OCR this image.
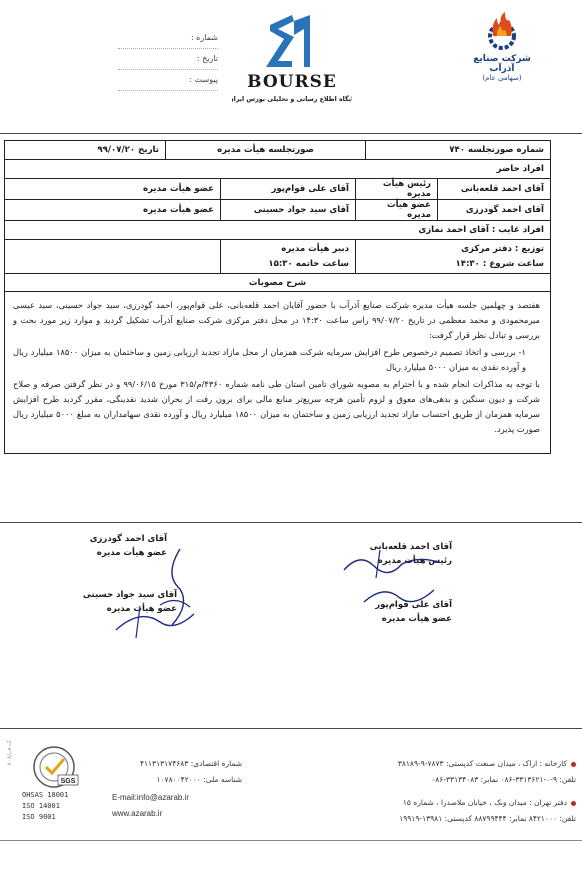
شماره :
تاریخ :
پیوست : BOURSE
پایگاه اطلاع رسانی و تحلیلی بورس ایران
شرکت صنایع آذرآب
(سهامی عام)
شماره صورتجلسه ۷۴۰
صورتجلسه هیأت مدیره
تاریخ ۹۹/۰۷/۲۰
افراد حاضر
آقای احمد قلعه‌بانی
رئیس هیأت مدیره
آقای علی قوام‌پور
عضو هیأت مدیره
آقای احمد گودرزی
عضو هیأت مدیره
آقای سید جواد حسینی
عضو هیأت مدیره
افراد غایب : آقای احمد نمازی
توزیع : دفتر مرکزی
ساعت شروع : ۱۴:۳۰
دبیر هیأت مدیره
ساعت خاتمه ۱۵:۳۰
شرح مصوبات

هفتصد و چهلمین جلسه هیأت مدیره شرکت صنایع آذرآب با حضور آقایان احمد قلعه‌بانی، علی قوام‌پور، احمد گودرزی، سید جواد حسینی، سید عیسی میرمحمودی و محمد معظمی در تاریخ ۹۹/۰۷/۲۰ راس ساعت ۱۴:۳۰ در محل دفتر مرکزی شرکت صنایع آذرآب تشکیل گردید و موارد زیر مورد بحث و بررسی و تبادل نظر قرار گرفت:

۱- بررسی و اتخاذ تصمیم درخصوص طرح افزایش سرمایه شرکت همزمان از محل مازاد تجدید ارزیابی زمین و ساختمان به میزان ۱۸۵۰۰ میلیارد ریال و آورده نقدی به میزان ۵۰۰۰ میلیارد ریال

با توجه به مذاکرات انجام شده و با احترام به مصوبه شورای تامین استان طی نامه شماره ۴۳۶۰/م/۳۱۵ مورخ ۹۹/۰۶/۱۵ و در نظر گرفتن صرفه و صلاح شرکت و دیون سنگین و بدهی‌های معوق و لزوم تأمین هرچه سریع‌تر منابع مالی برای برون رفت از بحران شدید نقدینگی، مقرر گردید طرح افزایش سرمایه همزمان از طریق احتساب مازاد تجدید ارزیابی زمین و ساختمان به میزان ۱۸۵۰۰ میلیارد ریال و آورده نقدی سهامداران به مبلغ ۵۰۰۰ میلیارد ریال صورت پذیرد.

آقای احمد قلعه‌بانی
رئیس هیأت مدیره
آقای احمد گودرزی
عضو هیأت مدیره
آقای علی قوام‌پور
عضو هیأت مدیره
آقای سید جواد حسینی
عضو هیأت مدیره
کارخانه : اراک ، میدان صنعت کدپستی: ۷۸۷۳-۹-۳۸۱۸۹
تلفن: ۹-۰-۳۳۱۳۶۲۱-۰۸۶ نمابر: ۳۳۱۳۴۰۸۳-۰۸۶
دفتر تهران : میدان ونک ، خیابان ملاصدرا ، شماره ۱۵
تلفن: ۸۴۲۱۰۰۰ نمابر: ۸۸۷۹۹۴۴۴ کدپستی: ۱۳۹۸۱-۱۹۹۱۹
شماره اقتصادی: ۴۱۱۳۱۳۱۷۴۶۸۳
شناسه ملی: ۱۰۷۸۰۰۴۲۰۰۰
E-mail:info@azarab.ir
www.azarab.ir
SGS
OHSAS 18001
ISO 14001
ISO 9001
ک-ف/۸۰۸
